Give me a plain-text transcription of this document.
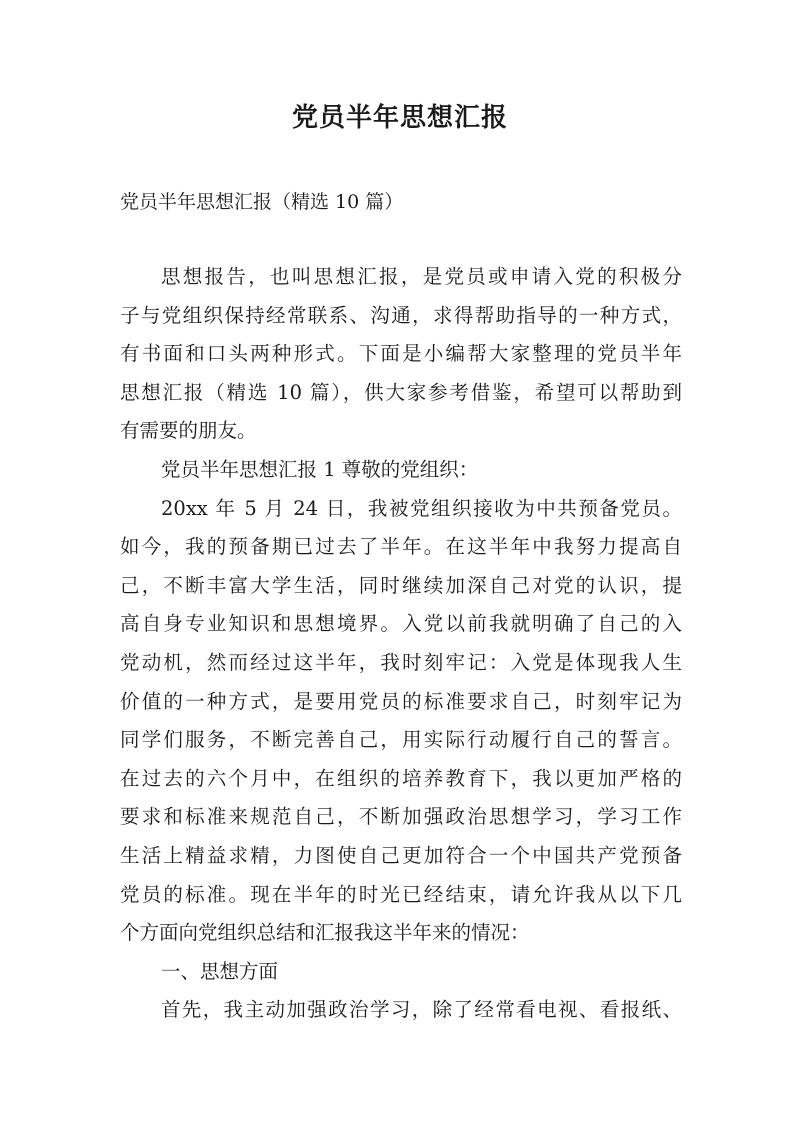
党员半年思想汇报
党员半年思想汇报（精选 10 篇）
思想报告，也叫思想汇报，是党员或申请入党的积极分
子与党组织保持经常联系、沟通，求得帮助指导的一种方式，
有书面和口头两种形式。下面是小编帮大家整理的党员半年
思想汇报（精选 10 篇），供大家参考借鉴，希望可以帮助到
有需要的朋友。
党员半年思想汇报 1 尊敬的党组织：
20xx 年 5 月 24 日，我被党组织接收为中共预备党员。
如今，我的预备期已过去了半年。在这半年中我努力提高自
己，不断丰富大学生活，同时继续加深自己对党的认识，提
高自身专业知识和思想境界。入党以前我就明确了自己的入
党动机，然而经过这半年，我时刻牢记：入党是体现我人生
价值的一种方式，是要用党员的标准要求自己，时刻牢记为
同学们服务，不断完善自己，用实际行动履行自己的誓言。
在过去的六个月中，在组织的培养教育下，我以更加严格的
要求和标准来规范自己，不断加强政治思想学习，学习工作
生活上精益求精，力图使自己更加符合一个中国共产党预备
党员的标准。现在半年的时光已经结束，请允许我从以下几
个方面向党组织总结和汇报我这半年来的情况：
一、思想方面
首先，我主动加强政治学习，除了经常看电视、看报纸、
